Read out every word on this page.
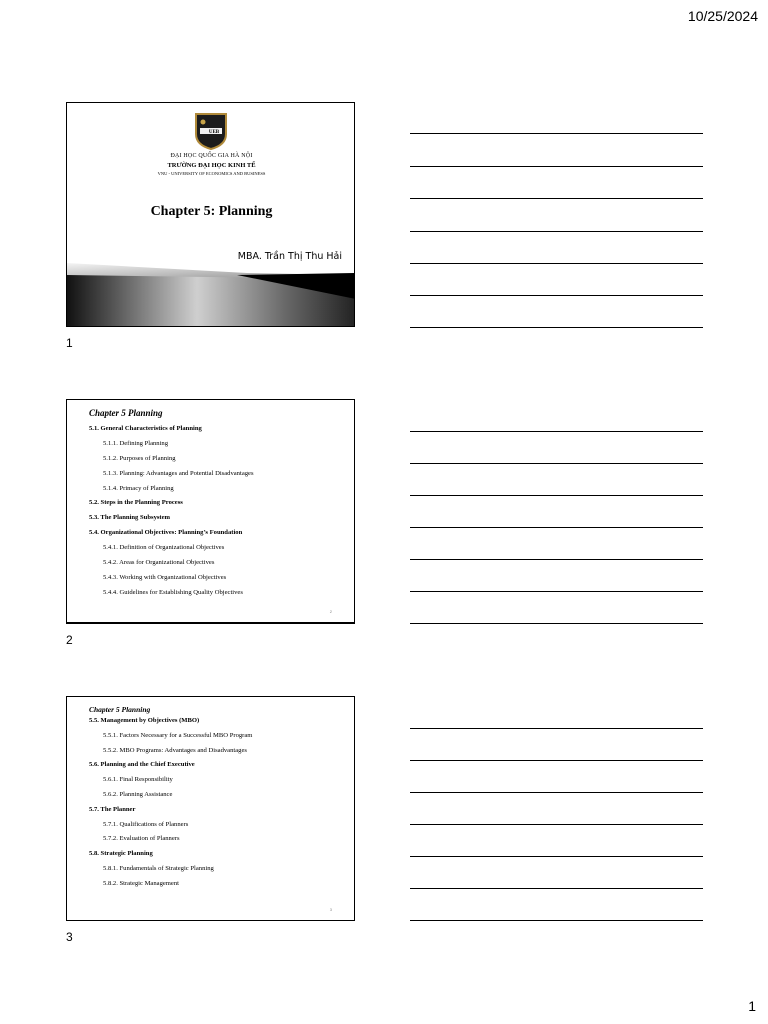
10/25/2024
UEB
ĐẠI HỌC QUỐC GIA HÀ NỘI
TRƯỜNG ĐẠI HỌC KINH TẾ
VNU - UNIVERSITY OF ECONOMICS AND BUSINESS
Chapter 5: Planning
MBA. Trần Thị Thu Hải
1
Chapter 5 Planning
5.1. General Characteristics of Planning
5.1.1. Defining Planning
5.1.2. Purposes of Planning
5.1.3. Planning: Advantages and Potential Disadvantages
5.1.4. Primacy of Planning
5.2. Steps in the Planning Process
5.3. The Planning Subsystem
5.4. Organizational Objectives: Planning’s Foundation
5.4.1. Definition of Organizational Objectives
5.4.2. Areas for Organizational Objectives
5.4.3. Working with Organizational Objectives
5.4.4. Guidelines for Establishing Quality Objectives
2
2
Chapter 5 Planning
5.5. Management by Objectives (MBO)
5.5.1. Factors Necessary for a Successful MBO Program
5.5.2. MBO Programs: Advantages and Disadvantages
5.6. Planning and the Chief Executive
5.6.1. Final Responsibility
5.6.2. Planning Assistance
5.7. The Planner
5.7.1. Qualifications of Planners
5.7.2. Evaluation of Planners
5.8. Strategic Planning
5.8.1. Fundamentals of Strategic Planning
5.8.2. Strategic Management
3
3
1
